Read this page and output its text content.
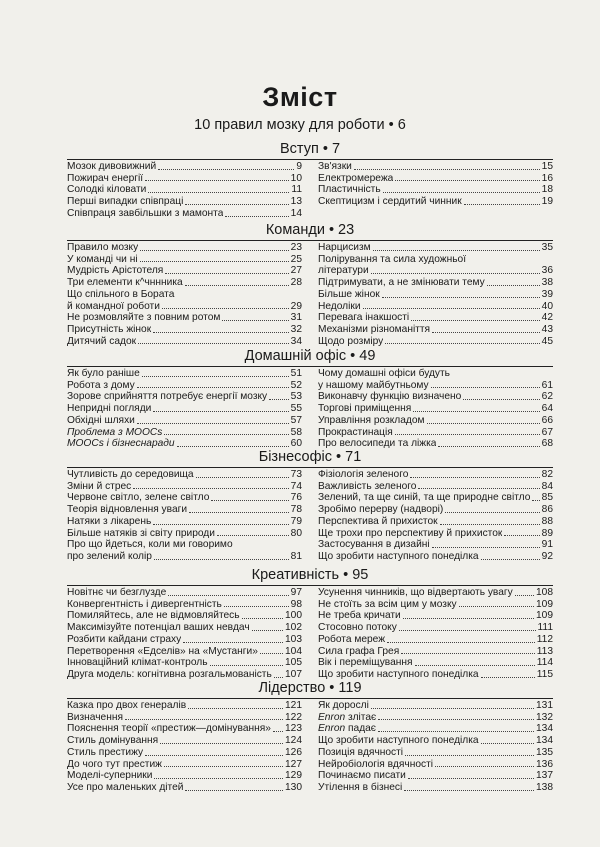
Зміст
10 правил мозку для роботи • 6
Вступ • 7
Мозок дивовижний	9
Пожирач енергії	10
Солодкі кіловати	11
Перші випадки співпраці	13
Співпраця завбільшки з мамонта	14
Зв'язки	15
Електромережа	16
Пластичність	18
Скептицизм і сердитий чинник	19
Команди • 23
Правило мозку	23
У команді чи ні	25
Мудрість Арістотеля	27
Три елементи к^чннника	28
Що спільного в Бората
й командної роботи	29
Не розмовляйте з повним ротом	31
Присутність жінок	32
Дитячий садок	34
Нарцисизм	35
Полірування та сила художньої
літератури	36
Підтримувати, а не змінювати тему	38
Більше жінок	39
Недоліки	40
Перевага інакшості	42
Механізми різноманіття	43
Щодо розміру	45
Домашній офіс • 49
Як було раніше	51
Робота з дому	52
Зорове сприйняття потребує енергії мозку 53
Непридні погляди	55
Обхідні шляхи	57
Проблема з MOOCs	58
MOOCs і бізнеснаради	60
Чому домашні офіси будуть
у нашому майбутньому	61
Виконавчу функцію визначено	62
Торгові приміщення	64
Управління розкладом	66
Прокрастинація	67
Про велосипеди та ліжка	68
Бізнесофіс • 71
Чутливість до середовища	73
Зміни й стрес	74
Червоне світло, зелене світло	76
Теорія відновлення уваги	78
Натяки з лікарень	79
Більше натяків зі світу природи	80
Про що йдеться, коли ми говоримо
про зелений колір	81
Фізіологія зеленого	82
Важливість зеленого	84
Зелений, та ще синій, та ще природне світло 85
Зробімо перерву (надворі)	86
Перспектива й прихисток	88
Ще трохи про перспективу й прихисток	89
Застосування в дизайні	91
Що зробити наступного понеділка	92
Креативність • 95
Новітнє чи безглузде	97
Конвергентність і дивергентність	98
Помиляйтесь, але не відмовляйтесь	100
Максимізуйте потенціал ваших невдач	102
Розбити кайдани страху	103
Перетворення «Едселів» на «Мустанги»	104
Інноваційний клімат-контроль	105
Друга модель: когнітивна розгальмованість 107
Усунення чинників, що відвертають увагу 108
Не стоїть за всім цим у мозку	109
Не треба кричати	109
Стосовно потоку	111
Робота мереж	112
Сила графа Грея	113
Вік і переміщування	114
Що зробити наступного понеділка	115
Лідерство • 119
Казка про двох генералів	121
Визначення	122
Пояснення теорії «престиж—домінування» 123
Стиль домінування	124
Стиль престижу	126
До чого тут престиж	127
Моделі-суперники	129
Усе про маленьких дітей	130
Як дорослі	131
Enron злітає	132
Enron падає	134
Що зробити наступного понеділка	134
Позиція вдячності	135
Нейробіологія вдячності	136
Починаємо писати	137
Утілення в бізнесі	138
